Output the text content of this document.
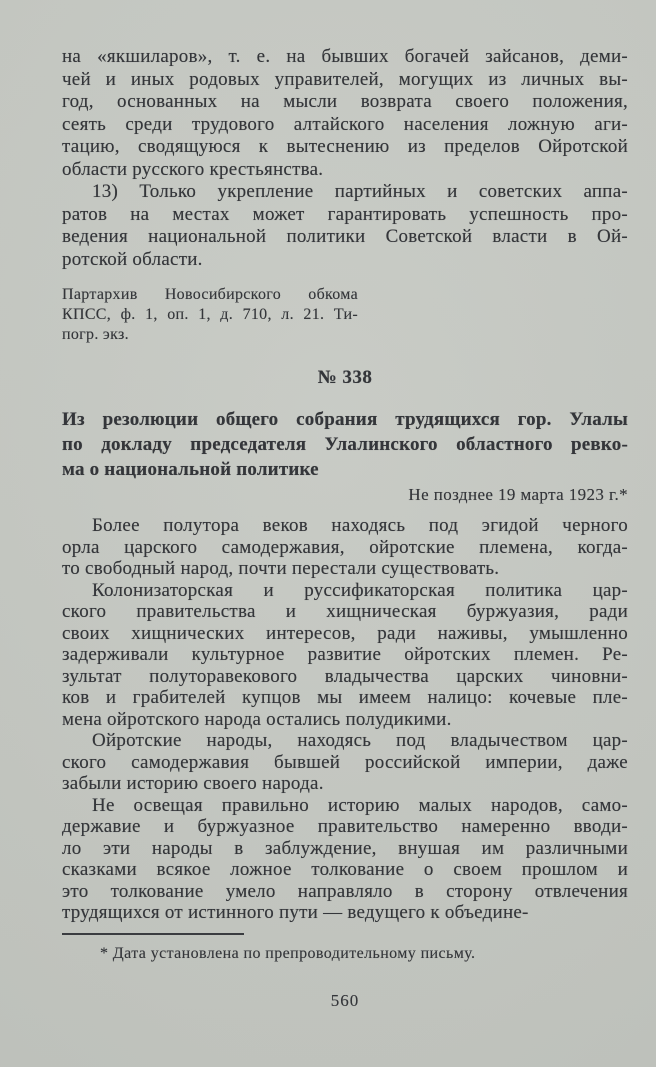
на «якшиларов», т. е. на бывших богачей зайсанов, деми-
чей и иных родовых управителей, могущих из личных вы-
год, основанных на мысли возврата своего положения,
сеять среди трудового алтайского населения ложную аги-
тацию, сводящуюся к вытеснению из пределов Ойротской
области русского крестьянства.
13) Только укрепление партийных и советских аппа-
ратов на местах может гарантировать успешность про-
ведения национальной политики Советской власти в Ой-
ротской области.
Партархив Новосибирского обкома
КПСС, ф. 1, оп. 1, д. 710, л. 21. Ти-
погр. экз.
№ 338
Из резолюции общего собрания трудящихся гор. Улалы
по докладу председателя Улалинского областного ревко-
ма о национальной политике
Не позднее 19 марта 1923 г.*
Более полутора веков находясь под эгидой черного
орла царского самодержавия, ойротские племена, когда-
то свободный народ, почти перестали существовать.
Колонизаторская и руссификаторская политика цар-
ского правительства и хищническая буржуазия, ради
своих хищнических интересов, ради наживы, умышленно
задерживали культурное развитие ойротских племен. Ре-
зультат полуторавекового владычества царских чиновни-
ков и грабителей купцов мы имеем налицо: кочевые пле-
мена ойротского народа остались полудикими.
Ойротские народы, находясь под владычеством цар-
ского самодержавия бывшей российской империи, даже
забыли историю своего народа.
Не освещая правильно историю малых народов, само-
державие и буржуазное правительство намеренно вводи-
ло эти народы в заблуждение, внушая им различными
сказками всякое ложное толкование о своем прошлом и
это толкование умело направляло в сторону отвлечения
трудящихся от истинного пути — ведущего к объедине-
* Дата установлена по препроводительному письму.
560
